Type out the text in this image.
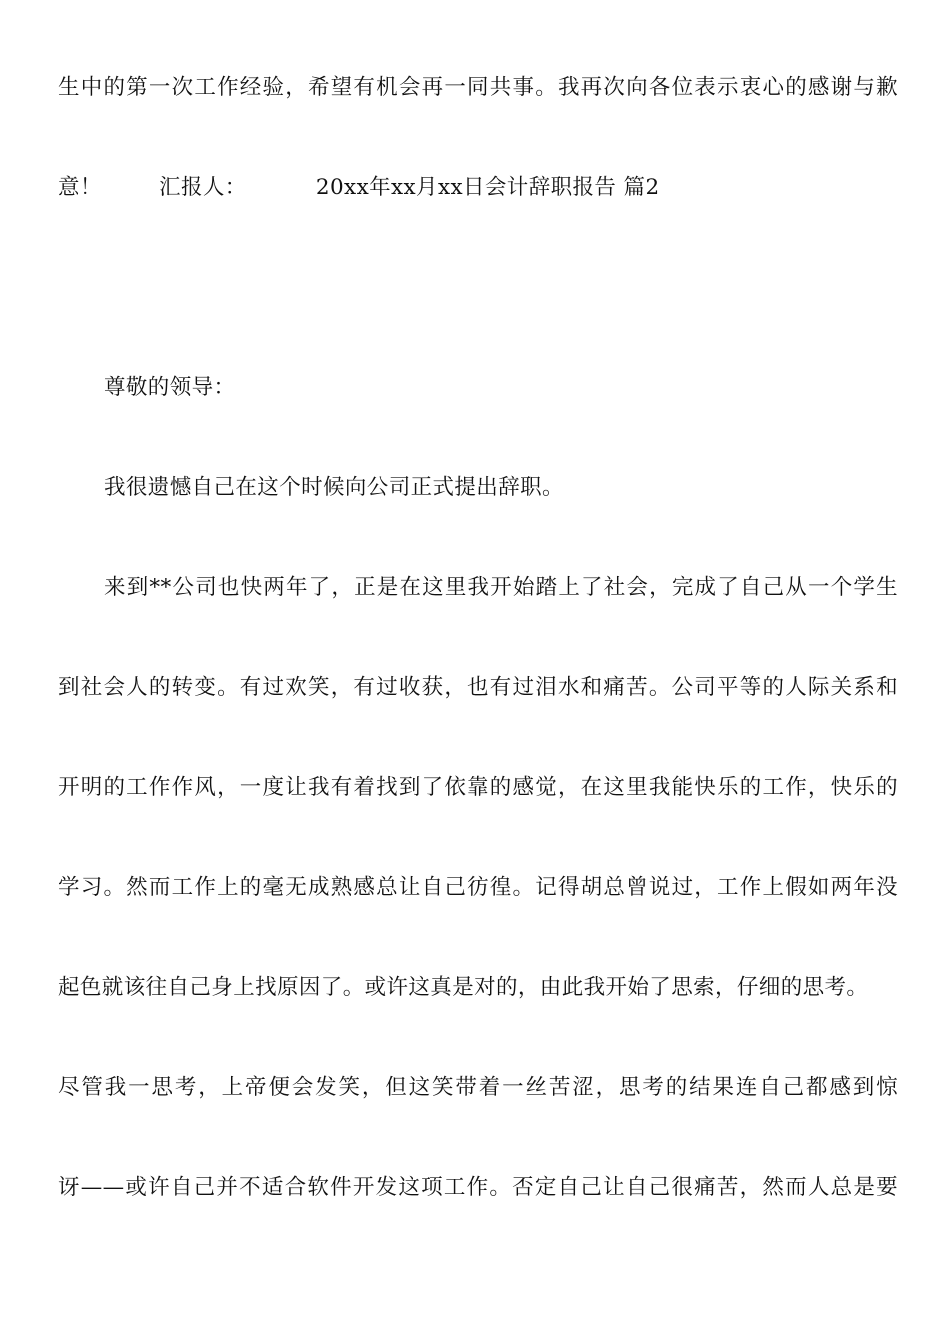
生中的第一次工作经验，希望有机会再一同共事。我再次向各位表示衷心的感谢与歉
意！	汇报人：	20xx年xx月xx日会计辞职报告 篇2
尊敬的领导：
我很遗憾自己在这个时候向公司正式提出辞职。
来到**公司也快两年了，正是在这里我开始踏上了社会，完成了自己从一个学生
到社会人的转变。有过欢笑，有过收获，也有过泪水和痛苦。公司平等的人际关系和
开明的工作作风，一度让我有着找到了依靠的感觉，在这里我能快乐的工作，快乐的
学习。然而工作上的毫无成熟感总让自己彷徨。记得胡总曾说过，工作上假如两年没
起色就该往自己身上找原因了。或许这真是对的，由此我开始了思索，仔细的思考。
尽管我一思考，上帝便会发笑，但这笑带着一丝苦涩，思考的结果连自己都感到惊
讶——或许自己并不适合软件开发这项工作。否定自己让自己很痛苦，然而人总是要
